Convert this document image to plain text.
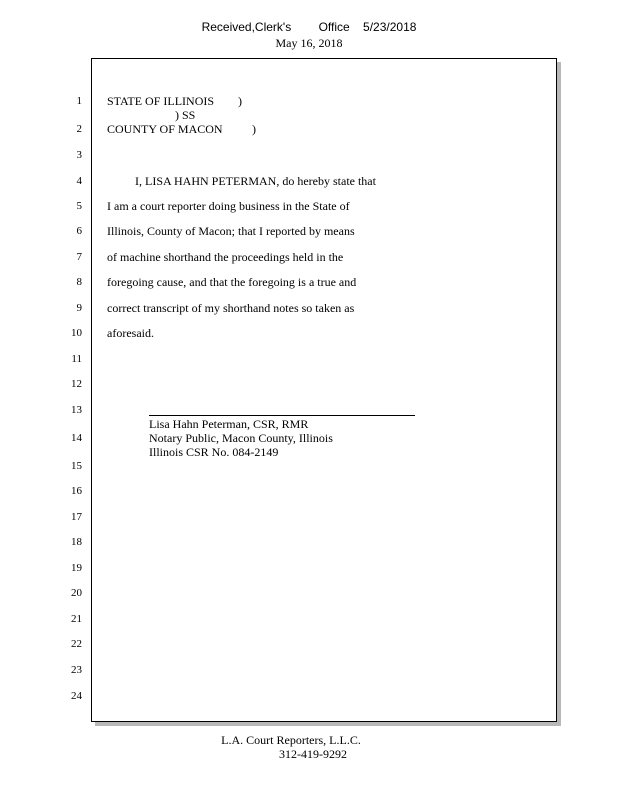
Received,Clerk's Office 5/23/2018
May 16, 2018
1
2
3
4
5
6
7
8
9
10
11
12
13
14
15
16
17
18
19
20
21
22
23
24
STATE OF ILLINOIS )
) SS
COUNTY OF MACON )
I, LISA HAHN PETERMAN, do hereby state that
I am a court reporter doing business in the State of
Illinois, County of Macon; that I reported by means
of machine shorthand the proceedings held in the
foregoing cause, and that the foregoing is a true and
correct transcript of my shorthand notes so taken as
aforesaid.
Lisa Hahn Peterman, CSR, RMR
Notary Public, Macon County, Illinois
Illinois CSR No. 084-2149
L.A. Court Reporters, L.L.C.
312-419-9292
